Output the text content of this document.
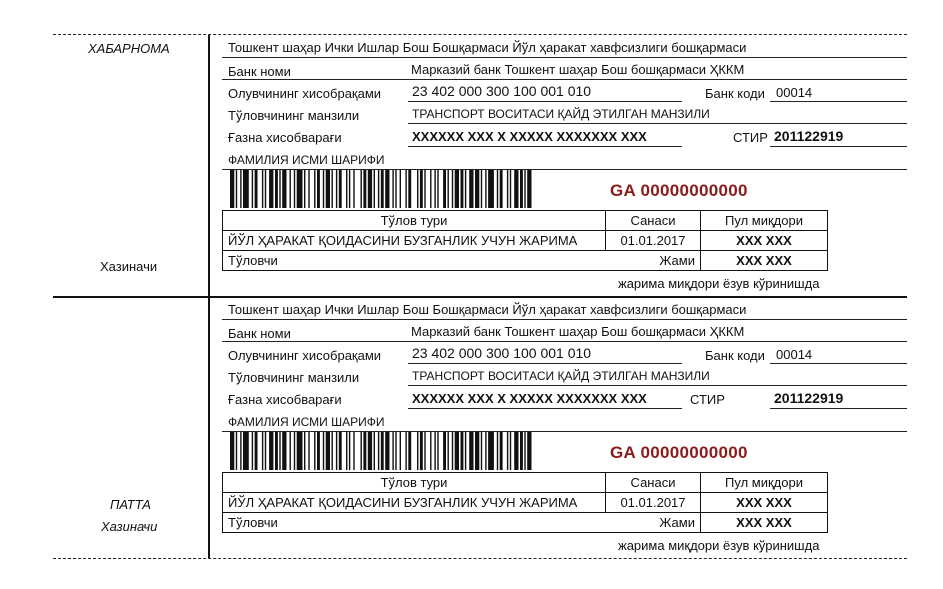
ХАБАРНОМА
Хазиначи
Тошкент шаҳар Ички Ишлар Бош Бошқармаси Йўл ҳаракат хавфсизлиги бошқармаси
Банк номи	Марказий банк Тошкент шаҳар Бош бошқармаси ҲККМ
Олувчининг хисобрақами 23 402 000 300 100 001 010	Банк коди 00014
Тўловчининг манзили	ТРАНСПОРТ ВОСИТАСИ ҚАЙД ЭТИЛГАН МАНЗИЛИ
Ғазна хисобварағи	XXXXXX XXX X XXXXX XXXXXXX XXX	СТИР 201122919
ФАМИЛИЯ ИСМИ ШАРИФИ
GA 00000000000
Тўлов тури	Санаси	Пул миқдори
ЙЎЛ ҲАРАКАТ ҚОИДАСИНИ БУЗГАНЛИК УЧУН ЖАРИМА	01.01.2017	XXX XXX
Тўловчи	Жами	XXX XXX
жарима миқдори ёзув кўринишда
ПАТТА
Хазиначи
Тошкент шаҳар Ички Ишлар Бош Бошқармаси Йўл ҳаракат хавфсизлиги бошқармаси
Банк номи	Марказий банк Тошкент шаҳар Бош бошқармаси ҲККМ
Олувчининг хисобрақами 23 402 000 300 100 001 010	Банк коди 00014
Тўловчининг манзили	ТРАНСПОРТ ВОСИТАСИ ҚАЙД ЭТИЛГАН МАНЗИЛИ
Ғазна хисобварағи	XXXXXX XXX X XXXXX XXXXXXX XXX	СТИР	201122919
ФАМИЛИЯ ИСМИ ШАРИФИ
GA 00000000000
Тўлов тури	Санаси	Пул миқдори
ЙЎЛ ҲАРАКАТ ҚОИДАСИНИ БУЗГАНЛИК УЧУН ЖАРИМА	01.01.2017	XXX XXX
Тўловчи	Жами	XXX XXX
жарима миқдори ёзув кўринишда
